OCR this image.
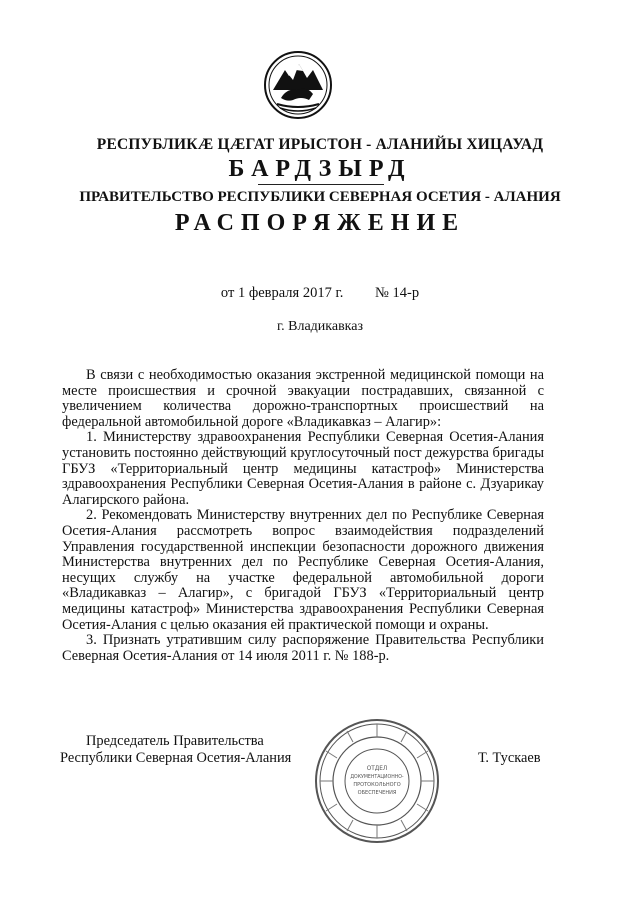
РЕСПУБЛИКÆ ЦÆГАТ ИРЫСТОН - АЛАНИЙЫ ХИЦАУАД
БАРДЗЫРД
ПРАВИТЕЛЬСТВО РЕСПУБЛИКИ СЕВЕРНАЯ ОСЕТИЯ - АЛАНИЯ
РАСПОРЯЖЕНИЕ
от 1 февраля 2017 г. № 14-р
г. Владикавказ

В связи с необходимостью оказания экстренной медицинской помощи на месте происшествия и срочной эвакуации пострадавших, связанной с увеличением количества дорожно-транспортных происшествий на федеральной автомобильной дороге «Владикавказ – Алагир»:

1. Министерству здравоохранения Республики Северная Осетия-Алания установить постоянно действующий круглосуточный пост дежурства бригады ГБУЗ «Территориальный центр медицины катастроф» Министерства здравоохранения Республики Северная Осетия-Алания в районе с. Дзуарикау Алагирского района.

2. Рекомендовать Министерству внутренних дел по Республике Северная Осетия-Алания рассмотреть вопрос взаимодействия подразделений Управления государственной инспекции безопасности дорожного движения Министерства внутренних дел по Республике Северная Осетия-Алания, несущих службу на участке федеральной автомобильной дороги «Владикавказ – Алагир», с бригадой ГБУЗ «Территориальный центр медицины катастроф» Министерства здравоохранения Республики Северная Осетия-Алания с целью оказания ей практической помощи и охраны.

3. Признать утратившим силу распоряжение Правительства Республики Северная Осетия-Алания от 14 июля 2011 г. № 188-р.

Председатель Правительства
Республики Северная Осетия-Алания
ОТДЕЛ
ДОКУМЕНТАЦИОННО-
ПРОТОКОЛЬНОГО
ОБЕСПЕЧЕНИЯ
Т. Тускаев
